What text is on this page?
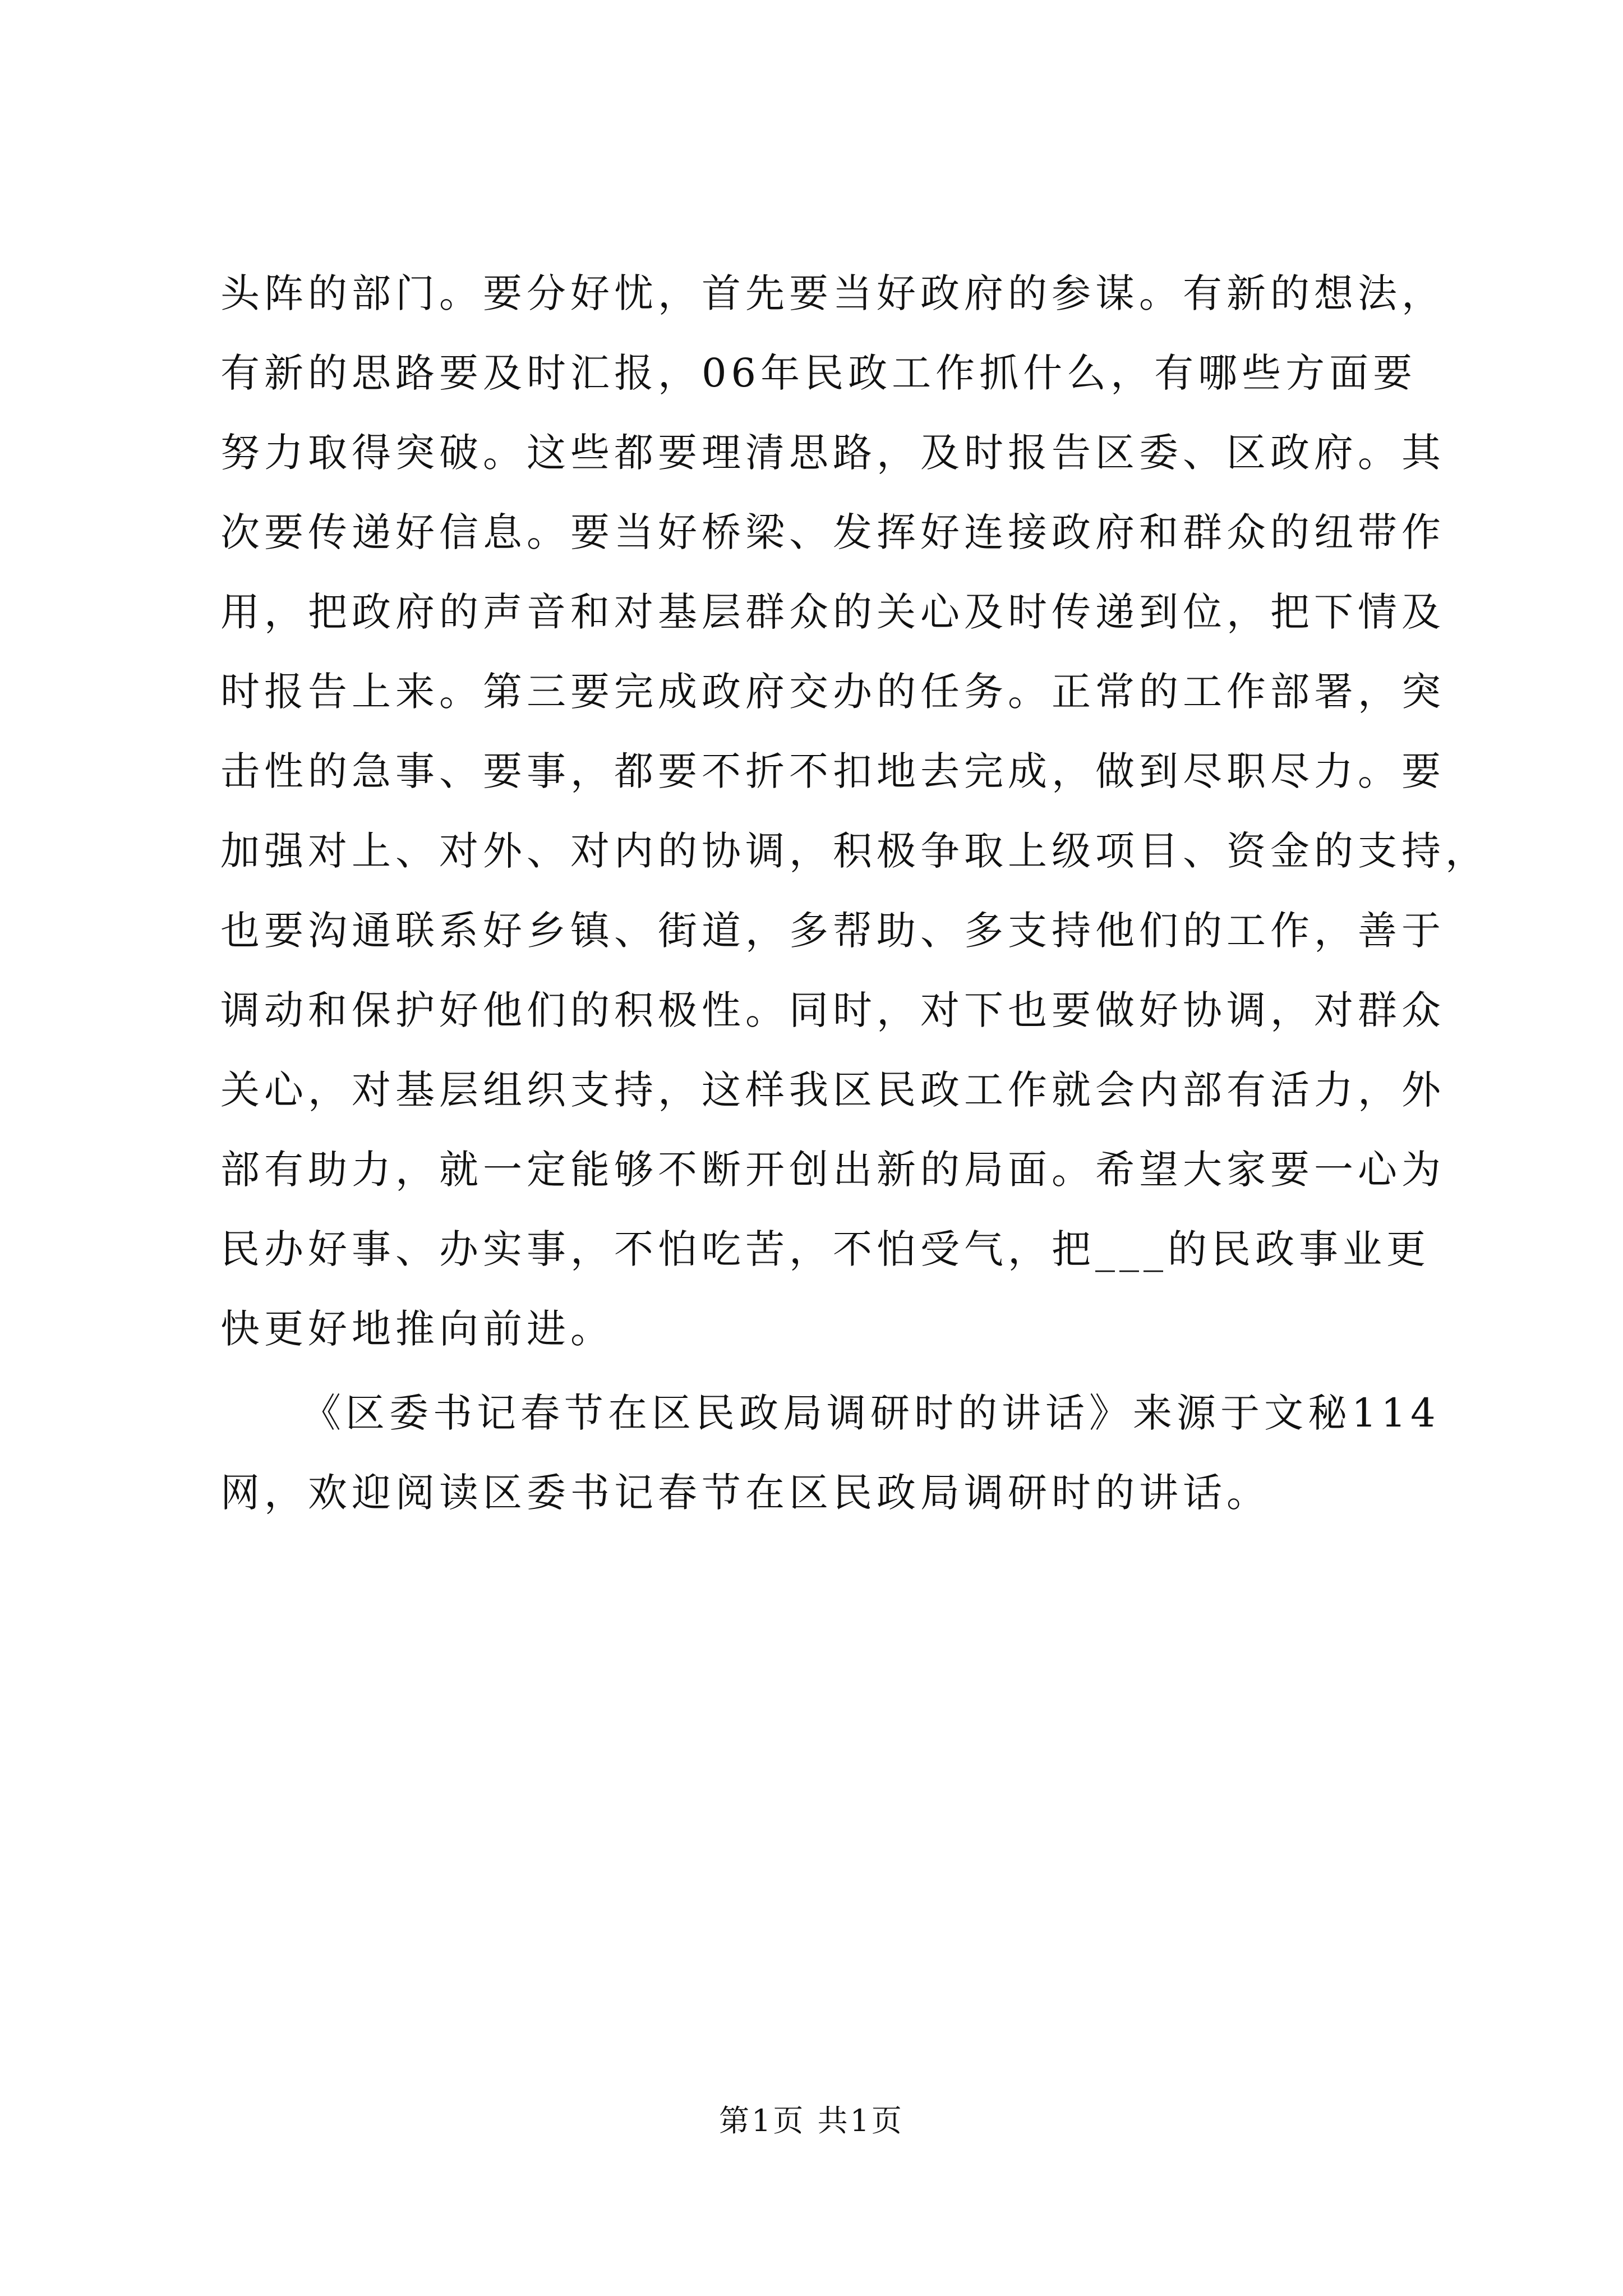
头阵的部门。要分好忧，首先要当好政府的参谋。有新的想法，
有新的思路要及时汇报，06年民政工作抓什么，有哪些方面要
努力取得突破。这些都要理清思路，及时报告区委、区政府。其
次要传递好信息。要当好桥梁、发挥好连接政府和群众的纽带作
用，把政府的声音和对基层群众的关心及时传递到位，把下情及
时报告上来。第三要完成政府交办的任务。正常的工作部署，突
击性的急事、要事，都要不折不扣地去完成，做到尽职尽力。要
加强对上、对外、对内的协调，积极争取上级项目、资金的支持，
也要沟通联系好乡镇、街道，多帮助、多支持他们的工作，善于
调动和保护好他们的积极性。同时，对下也要做好协调，对群众
关心，对基层组织支持，这样我区民政工作就会内部有活力，外
部有助力，就一定能够不断开创出新的局面。希望大家要一心为
民办好事、办实事，不怕吃苦，不怕受气，把___的民政事业更
快更好地推向前进。
《区委书记春节在区民政局调研时的讲话》来源于文秘114
网，欢迎阅读区委书记春节在区民政局调研时的讲话。
第1页 共1页
